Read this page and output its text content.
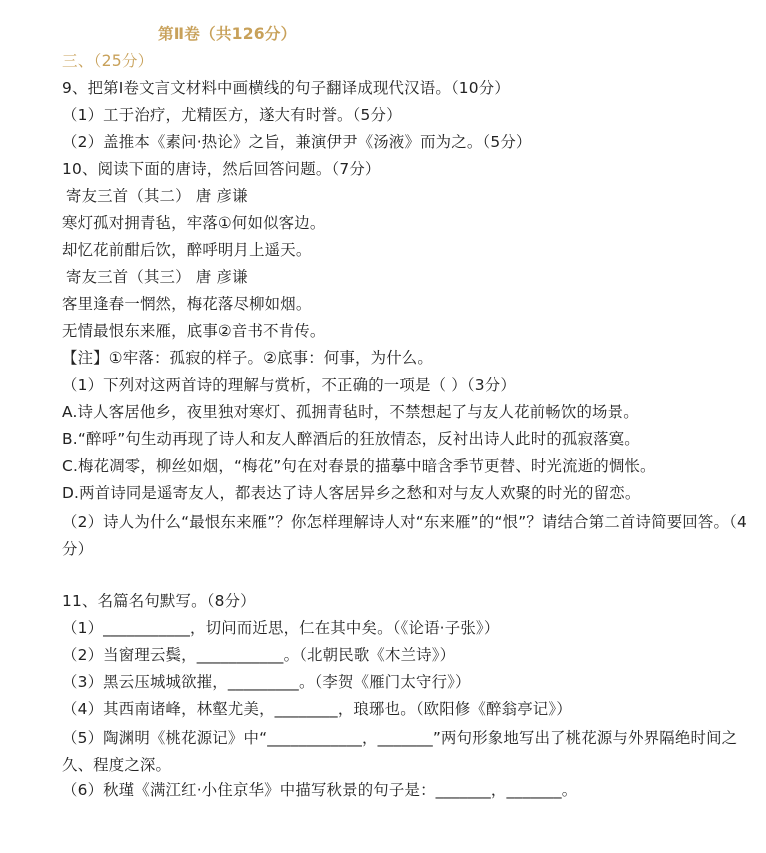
第Ⅱ卷（共126分）
三、（25分）
9、把第Ⅰ卷文言文材料中画横线的句子翻译成现代汉语。（10分）
（1）工于治疗，尤精医方，遂大有时誉。（5分）
（2）盖推本《素问·热论》之旨，兼演伊尹《汤液》而为之。（5分）
10、阅读下面的唐诗，然后回答问题。（7分）
寄友三首（其二） 唐 彦谦
寒灯孤对拥青毡，牢落①何如似客边。
却忆花前酣后饮，醉呼明月上遥天。
寄友三首（其三） 唐 彦谦
客里逢春一惘然，梅花落尽柳如烟。
无情最恨东来雁，底事②音书不肯传。
【注】①牢落：孤寂的样子。②底事：何事，为什么。
（1）下列对这两首诗的理解与赏析，不正确的一项是（ ）（3分）
A.诗人客居他乡，夜里独对寒灯、孤拥青毡时，不禁想起了与友人花前畅饮的场景。
B.“醉呼”句生动再现了诗人和友人醉酒后的狂放情态，反衬出诗人此时的孤寂落寞。
C.梅花凋零，柳丝如烟，“梅花”句在对春景的描摹中暗含季节更替、时光流逝的惆怅。
D.两首诗同是遥寄友人，都表达了诗人客居异乡之愁和对与友人欢聚的时光的留恋。
（2）诗人为什么“最恨东来雁”？你怎样理解诗人对“东来雁”的“恨”？请结合第二首诗简要回答。（4分）
11、名篇名句默写。（8分）
（1）___________，切问而近思，仁在其中矣。（《论语·子张》）
（2）当窗理云鬓，___________。（北朝民歌《木兰诗》）
（3）黑云压城城欲摧，_________。（李贺《雁门太守行》）
（4）其西南诸峰，林壑尤美，________，琅琊也。（欧阳修《醉翁亭记》）
（5）陶渊明《桃花源记》中“____________，_______”两句形象地写出了桃花源与外界隔绝时间之久、程度之深。
（6）秋瑾《满江红·小住京华》中描写秋景的句子是：_______，_______。
